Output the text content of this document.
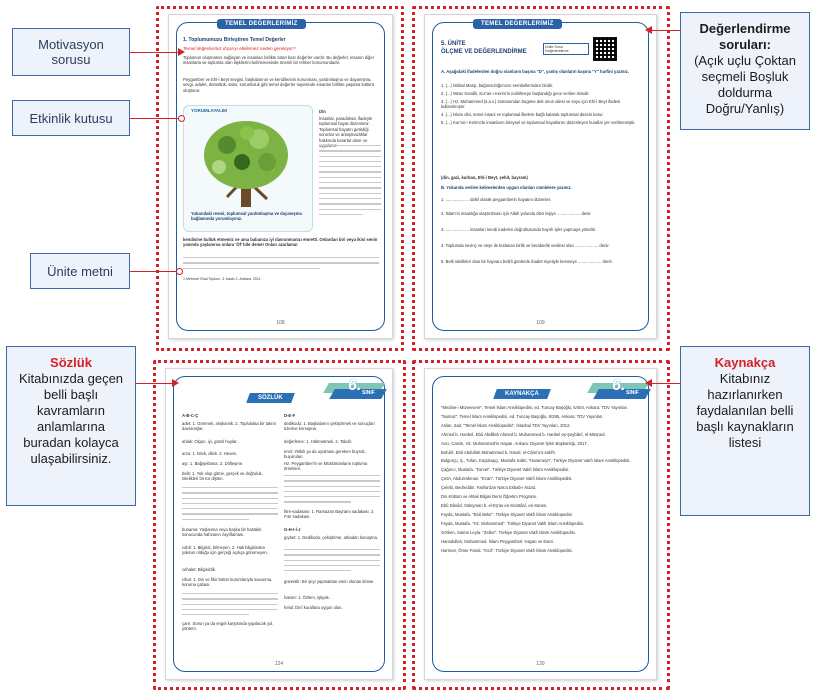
TEMEL DEĞERLERİMİZ
1. Toplumumuzu Birleştiren Temel Değerler
Temel değerlerimiz dışarıyı etkilemez neden gerekiyor?
Toplumun oluşmasını sağlayan ve insanları birlikte tutan bazı değerler vardır. Bu değerler, insanın diğer insanlarla ve toplumla olan ilişkilerini belirlemesinde önemli bir rehber konumundadır.
Peygamber ve Ehl-i Beyt sevgisi, başkalarının ve kendilerinin korunması, yardımlaşma ve dayanışma, sevgi, adalet, dürüstlük, sabır, sorumluluk gibi temel değerler sayesinde insanlar birlikte yaşama kültürü oluşturur.
YORUMLAYALIM
Yukarıdaki resmi, toplumsal yardımlaşma ve dayanışma bağlamında yorumlayınız.
Din
İnsanlar, paradoksa; ifadeyle toplumsal hayat düzenlenir. Toplumsal hayatın getirdiği sorunlar ve anlaşmazlıklar hakkında kararlar alınır ve
kendisine bulluk etmemiz ve ama babanıza iyi davranmanızı emretti. Onlardan biri veya ikisi senin yanında yaşlanırsa onlara 'Öf' bile deme! Onları azarlama!
1 Mehmet Önal Toplum, 3. baskı 2. Ankara, 2011
108
TEMEL DEĞERLERİMİZ
5. ÜNİTE
ÖLÇME VE DEĞERLENDİRME
Ünite Sonu Değerlendirme
A. Aşağıdaki ifadelerden doğru olanların başına "D", yanlış olanların başına "Y" harfini yazınız.
1. (...) İstiklal Marşı, bağımsızlığımızın sembollerinden biridir.
2. (...) Mirac Kandili, Kur'an-ı Kerim'in indirilmeye başlandığı gece verilen isimdir.
3. (...) Hz. Muhammed (s.a.v.) zamanından bugüne dek onun ailesi ve soyu için Ehl-i Beyt ifadesi kullanılmıştır.
4. (...) İslam dini, temel insani ve toplumsal ilkelere bağlı kalarak toplumsal düzeni korur.
5. (...) Kur'an-ı Kerim'de insanların bireysel ve toplumsal hayatlarını düzenleyen kurallar yer verilmemiştir.
(din, gazi, kurban, Ehl-i Beyt, şehit, bayram)
B. Yukarıda verilen kelimelerden uygun olanları cümlelere yazınız.
1. .................... dahil olarak peygamberin hayatını düzenler.
2. İslam'ın insanlığa ulaştırılması için Allah yolunda ölen kişiye .................... denir.
3. .................... insanları kendi iradeleri doğrultusunda hayırlı işler yapmaya yöneltir.
4. Toplumda sevinç ve neşe ile kutlanan birlik ve beraberlik vesilesi olan .................... denir.
5. Belli nitelikleri olan bir hayvanı belirli günlerde ibadet niyetiyle kesmeye .................... denir.
109
SÖZLÜK
6. SINIF
A-B-C-Ç	D-E-F
adet: 1. Görenek, alışkanlık. 2. Toplulukta bir takım davranışlar.
ahlak: Olgun, iyi, güzel huylar.
arzu: 1. İstek, dilek. 2. Heves.
aşı: 1. Bağışıklama. 2. Dölleşme.
belit: 1. Yok olup gitme, gerçek ve doğruluk, nitelikleri bir tür dişten.
bunama: Yaşlanma veya başka bir hastalık sonucunda hafızanın zayıflaması.
cahil: 1. Bilgisiz, bilmeyen. 2. Hak bilgisinden yoksun olduğu için gerçeği açıkça göremeyen.
cehalet: Bilgisizlik.
cihat: 1. Din ve fikir bütün kurumlarıyla savunma, koruma çabası.
çare: Sorun ya da engel karşısında yapılacak yol, yöntem.
dedikodu: 1. Başkalarını çekiştirmek ve sonuçları üzerine konuşma.
değerleme: 1. Hükmetmek. 2. Takdir.
emir: Yetkili ya da uyulması gereken buyruk, buyurulan.
Hz. Peygamber'in ve Müslümanların topluma örnekleri.
fitre-sadakası: 1. Ramazan Bayramı sadakası. 2. Fıtır sadakası.
G-H-I-İ-J
gıybet: 1. Dedikodu, çekiştirme, arkadan konuşma.
güvenilir: Bir şeyi yapmaktan emin olunan kimse.
hasret: 1. Özlem, iştiyak.
helal: Dinî kurallara uygun olan.
124
KAYNAKÇA	6. SINIF
"Medine-i Münevvere", Temel İslam Ansiklopedisi, ed. Tuncay Başoğlu, 5/404, Ankara: TDV Yayınları.
"Namaz", Temel İslam Ansiklopedisi, ed. Tuncay Başoğlu, 6/295, Ankara: TDV Yayınları.
Aslan, Sait, "Temel İslam Ansiklopedisi", İstanbul TDV Yayınları, 2012.
Ahmed b. Hanbel, Ebû Abdillah Ahmed b. Muhammed b. Hanbel eş-Şeybânî, el-Müsned.
Avcı, Casim, Hz. Muhammed'in Hayatı. Ankara: Diyanet İşleri Başkanlığı, 2017.
Buhârî, Ebû Abdullah Muhammed b. İsmail, el-Câmi'u's-sahîh.
Bulgurçu, Ş., Tufan, Küçükaşçı, Mustafa Sabri, "Harameyn", Türkiye Diyanet Vakfı İslam Ansiklopedisi.
Çağırıcı, Mustafa. "Da'vet". Türkiye Diyanet Vakfı İslam Ansiklopedisi.
Çetin, Abdurrahman. "Ezan". Türkiye Diyanet Vakfı İslam Ansiklopedisi.
Çelebi, Bedreddin. Fatiha'dan Nas'a Esbab-ı Nüzul.
Din Kültürü ve Ahlak Bilgisi Dersi Öğretim Programı.
Ebû Dâvûd, Süleyman b. el-Eş'as es-Sicistânî, es-Sünen.
Fayda, Mustafa. "Ebû Bekir". Türkiye Diyanet Vakfı İslam Ansiklopedisi.
Fayda, Mustafa. "Hz. Muhammed". Türkiye Diyanet Vakfı İslam Ansiklopedisi.
Görken, Saime Leyla. "Zebür". Türkiye Diyanet Vakfı İslam Ansiklopedisi.
Hamidullah, Muhammed. İslam Peygamberi: Hayatı ve Eseri.
Harman, Ömer Faruk. "İncil". Türkiye Diyanet Vakfı İslam Ansiklopedisi.
139
Motivasyon sorusu
Etkinlik kutusu
Ünite metni
Sözlük
Kitabınızda geçen belli başlı kavramların anlamlarına buradan kolayca ulaşabilirsiniz.
Değerlendirme soruları:
(Açık uçlu Çoktan seçmeli Boşluk doldurma Doğru/Yanlış)
Kaynakça
Kitabınız hazırlanırken faydalanılan belli başlı kaynakların listesi
